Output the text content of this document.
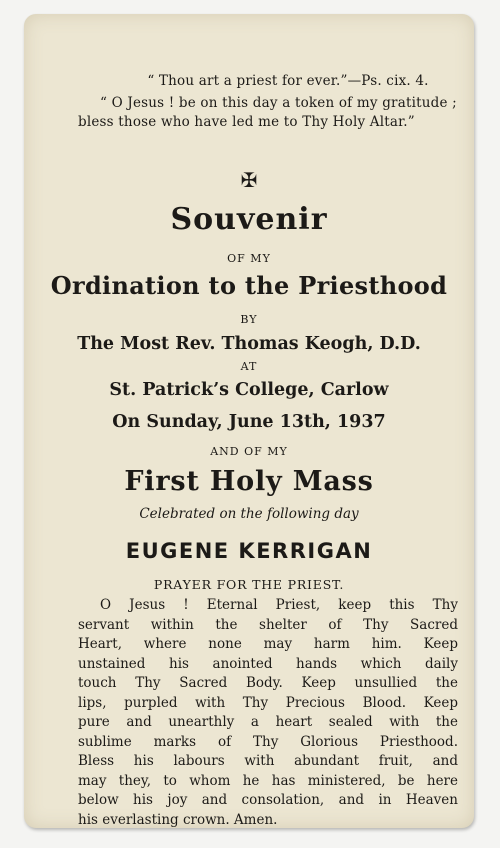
“ Thou art a priest for ever.”—Ps. cix. 4.
“ O Jesus ! be on this day a token of my gratitude ; bless those who have led me to Thy Holy Altar.”
✠
Souvenir
OF MY
Ordination to the Priesthood
BY
The Most Rev. Thomas Keogh, D.D.
AT
St. Patrick’s College, Carlow
On Sunday, June 13th, 1937
AND OF MY
First Holy Mass
Celebrated on the following day
EUGENE KERRIGAN
PRAYER FOR THE PRIEST.
O Jesus ! Eternal Priest, keep this Thy
servant within the shelter of Thy Sacred
Heart, where none may harm him. Keep
unstained his anointed hands which daily
touch Thy Sacred Body. Keep unsullied the
lips, purpled with Thy Precious Blood. Keep
pure and unearthly a heart sealed with the
sublime marks of Thy Glorious Priesthood.
Bless his labours with abundant fruit, and
may they, to whom he has ministered, be here
below his joy and consolation, and in Heaven
his everlasting crown. Amen.
